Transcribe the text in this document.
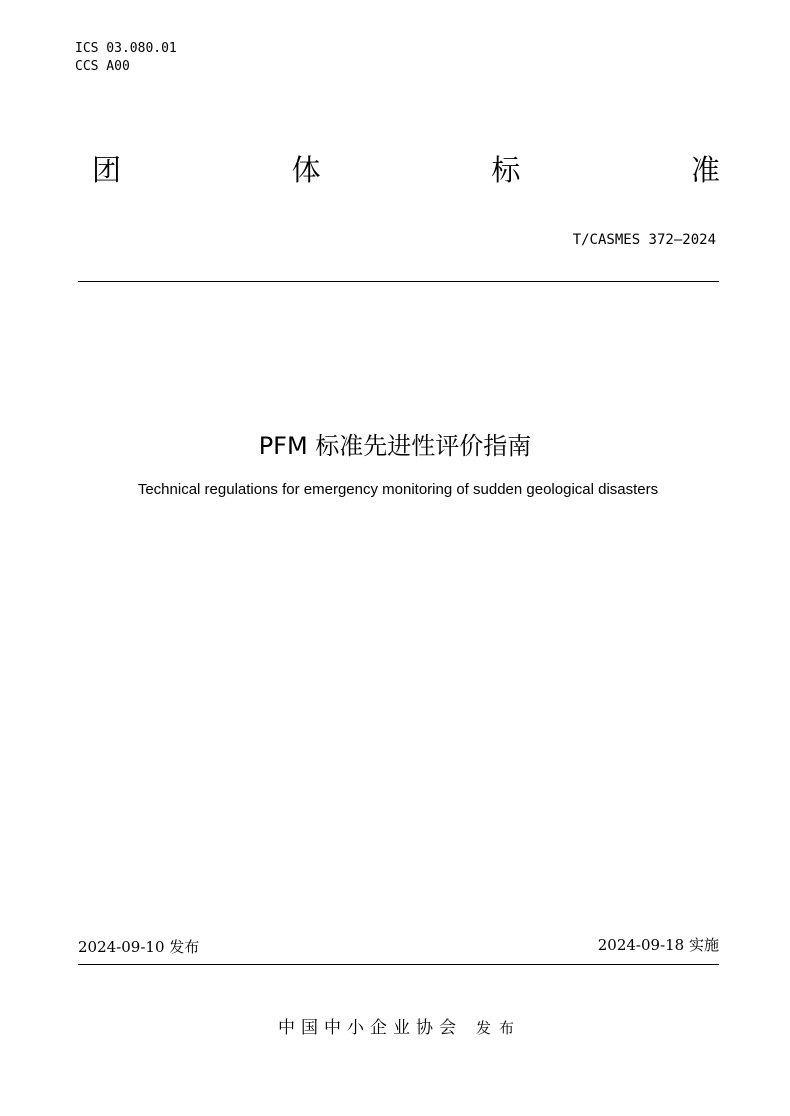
ICS 03.080.01
CCS A00
团	体	标	准
T/CASMES 372—2024
PFM 标准先进性评价指南
Technical regulations for emergency monitoring of sudden geological disasters
2024-09-10 发布	2024-09-18 实施
中国中小企业协会 发布
